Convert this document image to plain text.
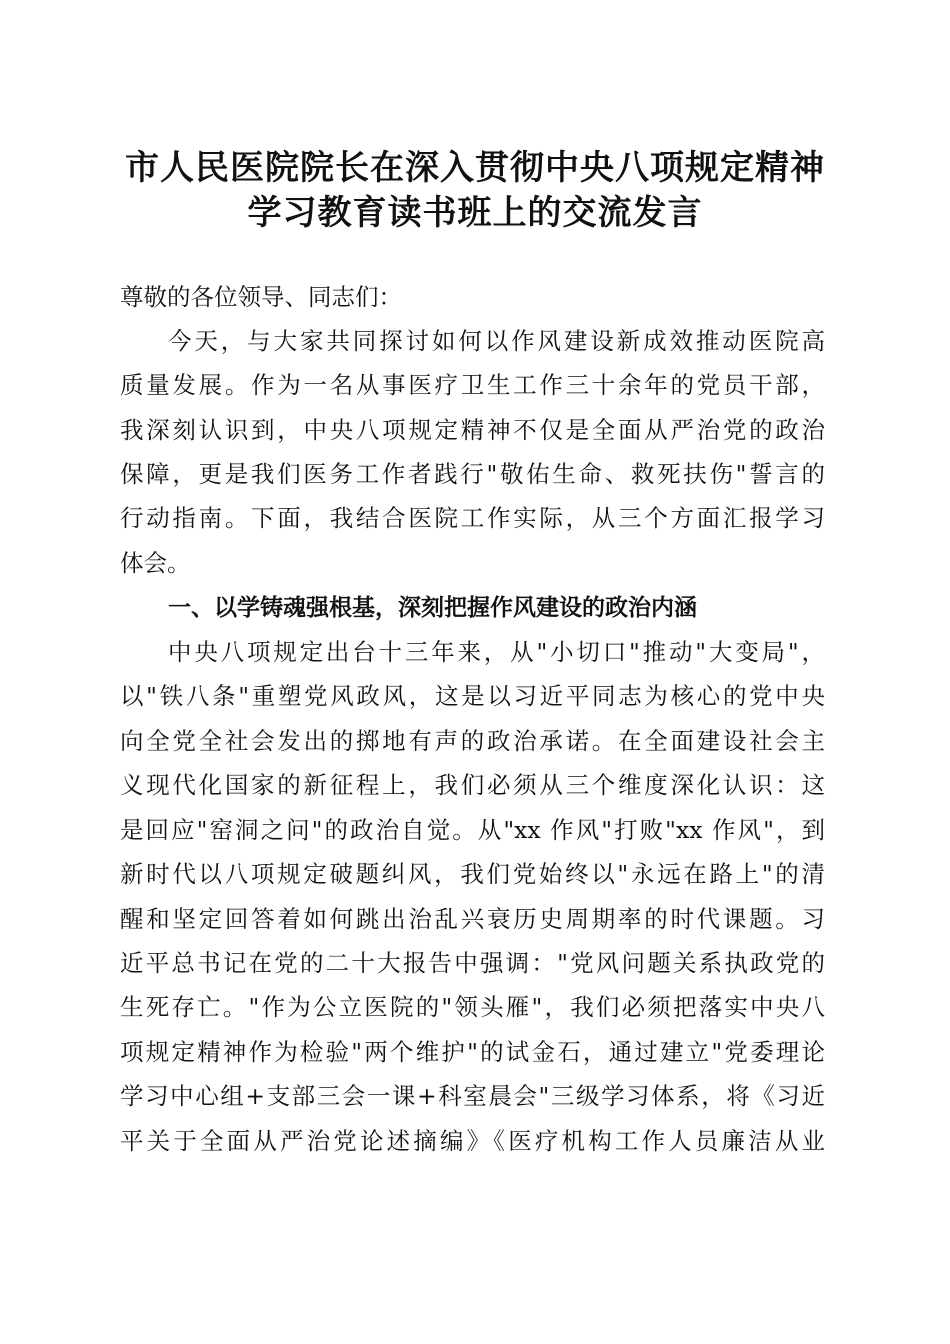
市人民医院院长在深入贯彻中央八项规定精神
学习教育读书班上的交流发言
尊敬的各位领导、同志们：
今天，与大家共同探讨如何以作风建设新成效推动医院高
质量发展。作为一名从事医疗卫生工作三十余年的党员干部，
我深刻认识到，中央八项规定精神不仅是全面从严治党的政治
保障，更是我们医务工作者践行"敬佑生命、救死扶伤"誓言的
行动指南。下面，我结合医院工作实际，从三个方面汇报学习
体会。
一、以学铸魂强根基，深刻把握作风建设的政治内涵
中央八项规定出台十三年来，从"小切口"推动"大变局"，
以"铁八条"重塑党风政风，这是以习近平同志为核心的党中央
向全党全社会发出的掷地有声的政治承诺。在全面建设社会主
义现代化国家的新征程上，我们必须从三个维度深化认识：这
是回应"窑洞之问"的政治自觉。从"xx 作风"打败"xx 作风"，到
新时代以八项规定破题纠风，我们党始终以"永远在路上"的清
醒和坚定回答着如何跳出治乱兴衰历史周期率的时代课题。习
近平总书记在党的二十大报告中强调："党风问题关系执政党的
生死存亡。"作为公立医院的"领头雁"，我们必须把落实中央八
项规定精神作为检验"两个维护"的试金石，通过建立"党委理论
学习中心组+支部三会一课+科室晨会"三级学习体系，将《习近
平关于全面从严治党论述摘编》《医疗机构工作人员廉洁从业
